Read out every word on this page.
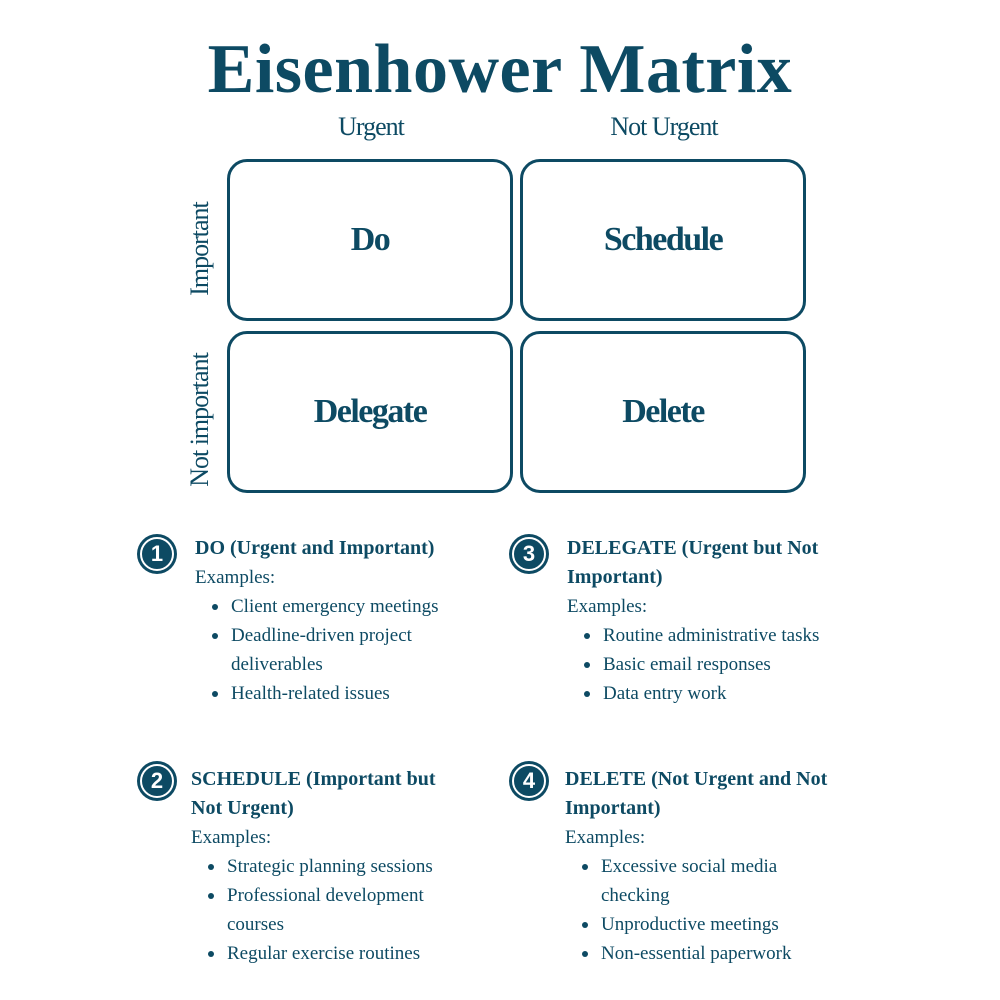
Eisenhower Matrix
Urgent	Not Urgent
Important
Not important
Do	Schedule
Delegate	Delete
1	DO (Urgent and Important)
Examples:
Client emergency meetings
Deadline-driven project deliverables
Health-related issues
2	SCHEDULE (Important but Not Urgent)
Examples:
Strategic planning sessions
Professional development courses
Regular exercise routines
3	DELEGATE (Urgent but Not Important)
Examples:
Routine administrative tasks
Basic email responses
Data entry work
4	DELETE (Not Urgent and Not Important)
Examples:
Excessive social media checking
Unproductive meetings
Non-essential paperwork
